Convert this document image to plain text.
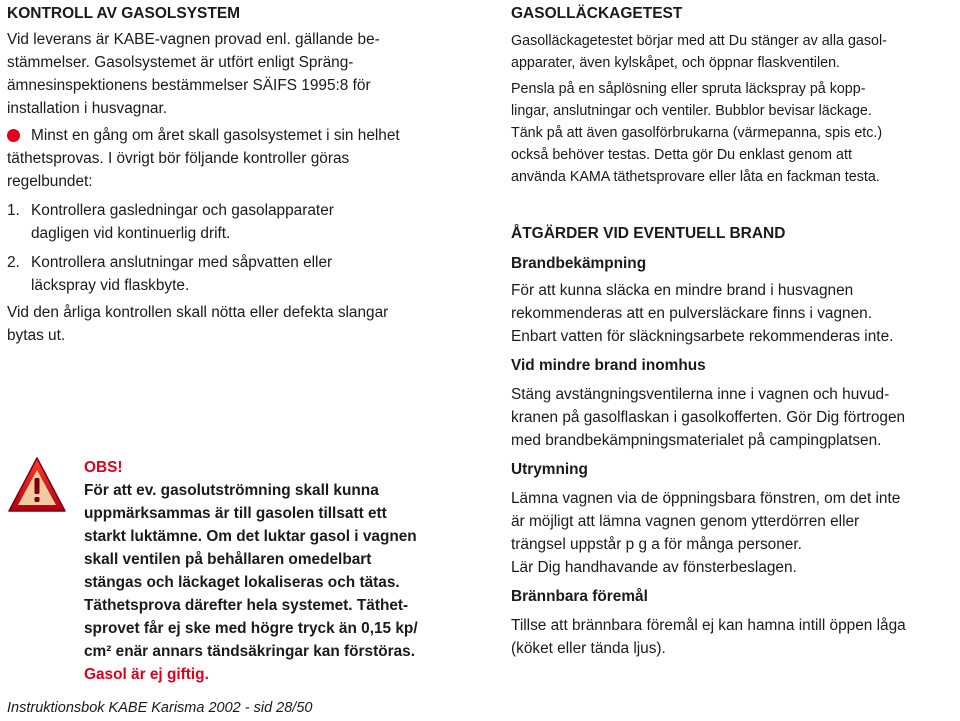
KONTROLL AV GASOLSYSTEM

Vid leverans är KABE-vagnen provad enl. gällande be-

stämmelser. Gasolsystemet är utfört enligt Spräng-

ämnesinspektionens bestämmelser SÄIFS 1995:8 för

installation i husvagnar.

Minst en gång om året skall gasolsystemet i sin helhet

täthetsprovas. I övrigt bör följande kontroller göras

regelbundet:

1. Kontrollera gasledningar och gasolapparater

dagligen vid kontinuerlig drift.

2. Kontrollera anslutningar med såpvatten eller

läckspray vid flaskbyte.

Vid den årliga kontrollen skall nötta eller defekta slangar

bytas ut.

OBS!

För att ev. gasolutströmning skall kunna

uppmärksammas är till gasolen tillsatt ett

starkt luktämne. Om det luktar gasol i vagnen

skall ventilen på behållaren omedelbart

stängas och läckaget lokaliseras och tätas.

Täthetsprova därefter hela systemet. Täthet-

sprovet får ej ske med högre tryck än 0,15 kp/

cm² enär annars tändsäkringar kan förstöras.

Gasol är ej giftig.

GASOLLÄCKAGETEST

Gasolläckagetestet börjar med att Du stänger av alla gasol-

apparater, även kylskåpet, och öppnar flaskventilen.

Pensla på en såplösning eller spruta läckspray på kopp-

lingar, anslutningar och ventiler. Bubblor bevisar läckage.

Tänk på att även gasolförbrukarna (värmepanna, spis etc.)

också behöver testas. Detta gör Du enklast genom att

använda KAMA täthetsprovare eller låta en fackman testa.

ÅTGÄRDER VID EVENTUELL BRAND

Brandbekämpning

För att kunna släcka en mindre brand i husvagnen

rekommenderas att en pulversläckare finns i vagnen.

Enbart vatten för släckningsarbete rekommenderas inte.

Vid mindre brand inomhus

Stäng avstängningsventilerna inne i vagnen och huvud-

kranen på gasolflaskan i gasolkofferten. Gör Dig förtrogen

med brandbekämpningsmaterialet på campingplatsen.

Utrymning

Lämna vagnen via de öppningsbara fönstren, om det inte

är möjligt att lämna vagnen genom ytterdörren eller

trängsel uppstår p g a för många personer.

Lär Dig handhavande av fönsterbeslagen.

Brännbara föremål

Tillse att brännbara föremål ej kan hamna intill öppen låga

(köket eller tända ljus).

Instruktionsbok KABE Karisma 2002 - sid 28/50
